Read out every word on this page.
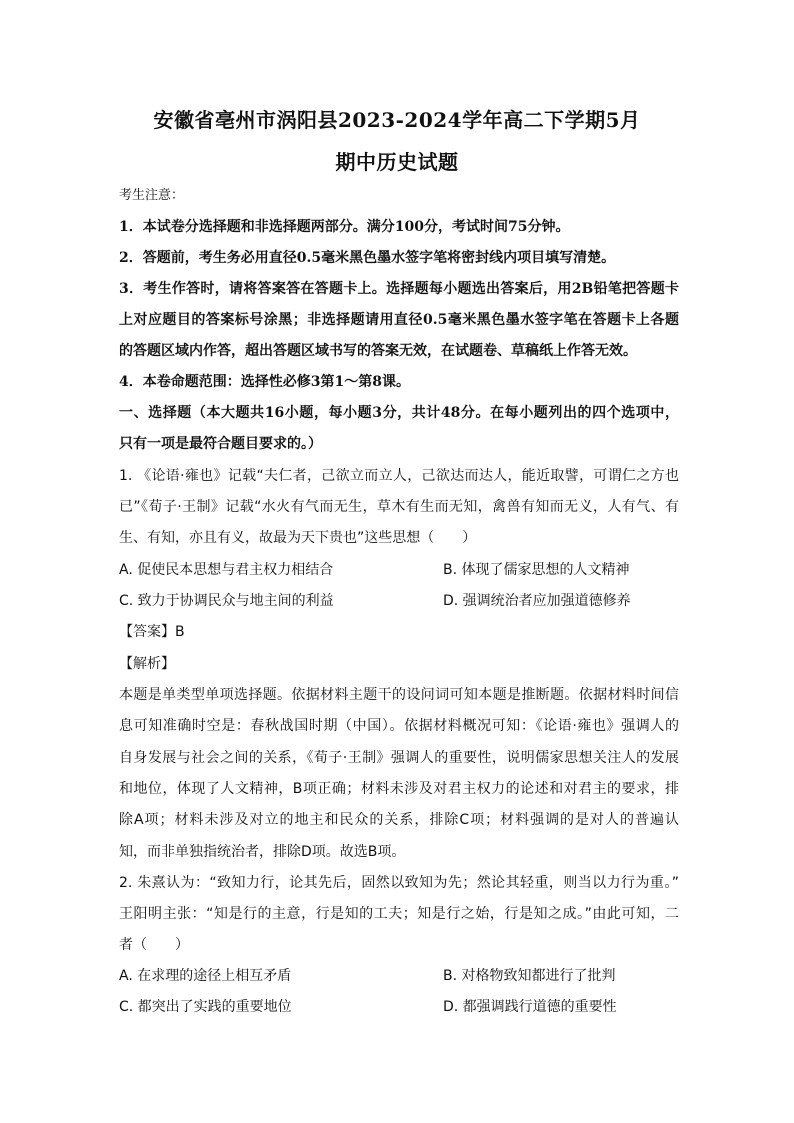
安徽省亳州市涡阳县2023-2024学年高二下学期5月
期中历史试题
考生注意：
1．本试卷分选择题和非选择题两部分。满分100分，考试时间75分钟。
2．答题前，考生务必用直径0.5毫米黑色墨水签字笔将密封线内项目填写清楚。
3．考生作答时，请将答案答在答题卡上。选择题每小题选出答案后，用2B铅笔把答题卡
上对应题目的答案标号涂黑；非选择题请用直径0.5毫米黑色墨水签字笔在答题卡上各题
的答题区域内作答，超出答题区域书写的答案无效，在试题卷、草稿纸上作答无效。
4．本卷命题范围：选择性必修3第1～第8课。
一、选择题（本大题共16小题，每小题3分，共计48分。在每小题列出的四个选项中，
只有一项是最符合题目要求的。）
1. 《论语·雍也》记载“夫仁者，己欲立而立人，己欲达而达人，能近取譬，可谓仁之方也
已”《荀子·王制》记载“水火有气而无生，草木有生而无知，禽兽有知而无义，人有气、有
生、有知，亦且有义，故最为天下贵也”这些思想（　　）
A. 促使民本思想与君主权力相结合	B. 体现了儒家思想的人文精神
C. 致力于协调民众与地主间的利益	D. 强调统治者应加强道德修养
【答案】B
【解析】
本题是单类型单项选择题。依据材料主题干的设问词可知本题是推断题。依据材料时间信
息可知准确时空是：春秋战国时期（中国）。依据材料概况可知：《论语·雍也》强调人的
自身发展与社会之间的关系，《荀子·王制》强调人的重要性，说明儒家思想关注人的发展
和地位，体现了人文精神，B项正确；材料未涉及对君主权力的论述和对君主的要求，排
除A项；材料未涉及对立的地主和民众的关系，排除C项；材料强调的是对人的普遍认
知，而非单独指统治者，排除D项。故选B项。
2. 朱熹认为：“致知力行，论其先后，固然以致知为先；然论其轻重，则当以力行为重。”
王阳明主张：“知是行的主意，行是知的工夫；知是行之始，行是知之成。”由此可知，二
者（　　）
A. 在求理的途径上相互矛盾	B. 对格物致知都进行了批判
C. 都突出了实践的重要地位	D. 都强调践行道德的重要性
